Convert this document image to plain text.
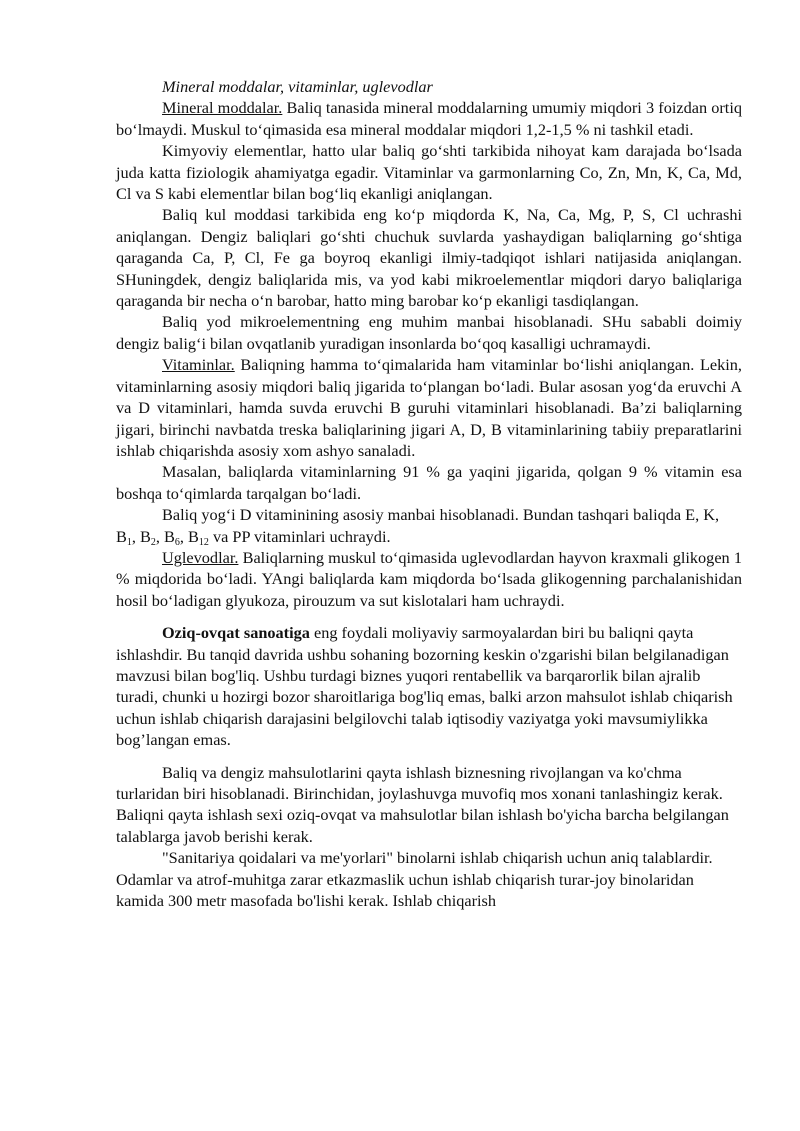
Mineral moddalar, vitaminlar, uglevodlar

Mineral moddalar. Baliq tanasida mineral moddalarning umumiy miqdori 3 foizdan ortiq bo‘lmaydi. Muskul to‘qimasida esa mineral moddalar miqdori 1,2-1,5 % ni tashkil etadi.

Kimyoviy elementlar, hatto ular baliq go‘shti tarkibida nihoyat kam darajada bo‘lsada juda katta fiziologik ahamiyatga egadir. Vitaminlar va garmonlarning Co, Zn, Mn, K, Ca, Md, Cl va S kabi elementlar bilan bog‘liq ekanligi aniqlangan.

Baliq kul moddasi tarkibida eng ko‘p miqdorda K, Na, Ca, Mg, P, S, Cl uchrashi aniqlangan. Dengiz baliqlari go‘shti chuchuk suvlarda yashaydigan baliqlarning go‘shtiga qaraganda Ca, P, Cl, Fe ga boyroq ekanligi ilmiy-tadqiqot ishlari natijasida aniqlangan. SHuningdek, dengiz baliqlarida mis, va yod kabi mikroelementlar miqdori daryo baliqlariga qaraganda bir necha o‘n barobar, hatto ming barobar ko‘p ekanligi tasdiqlangan.

Baliq yod mikroelementning eng muhim manbai hisoblanadi. SHu sababli doimiy dengiz balig‘i bilan ovqatlanib yuradigan insonlarda bo‘qoq kasalligi uchramaydi.

Vitaminlar. Baliqning hamma to‘qimalarida ham vitaminlar bo‘lishi aniqlangan. Lekin, vitaminlarning asosiy miqdori baliq jigarida to‘plangan bo‘ladi. Bular asosan yog‘da eruvchi A va D vitaminlari, hamda suvda eruvchi B guruhi vitaminlari hisoblanadi. Ba’zi baliqlarning jigari, birinchi navbatda treska baliqlarining jigari A, D, B vitaminlarining tabiiy preparatlarini ishlab chiqarishda asosiy xom ashyo sanaladi.

Masalan, baliqlarda vitaminlarning 91 % ga yaqini jigarida, qolgan 9 % vitamin esa boshqa to‘qimlarda tarqalgan bo‘ladi.

Baliq yog‘i D vitaminining asosiy manbai hisoblanadi. Bundan tashqari baliqda E, K, $B_1$, $B_2$, $B_6$, $B_{12}$ va PP vitaminlari uchraydi.

Uglevodlar. Baliqlarning muskul to‘qimasida uglevodlardan hayvon kraxmali glikogen 1 % miqdorida bo‘ladi. YAngi baliqlarda kam miqdorda bo‘lsada glikogenning parchalanishidan hosil bo‘ladigan glyukoza, pirouzum va sut kislotalari ham uchraydi.

Oziq-ovqat sanoatiga eng foydali moliyaviy sarmoyalardan biri bu baliqni qayta ishlashdir. Bu tanqid davrida ushbu sohaning bozorning keskin o'zgarishi bilan belgilanadigan mavzusi bilan bog'liq. Ushbu turdagi biznes yuqori rentabellik va barqarorlik bilan ajralib turadi, chunki u hozirgi bozor sharoitlariga bog'liq emas, balki arzon mahsulot ishlab chiqarish uchun ishlab chiqarish darajasini belgilovchi talab iqtisodiy vaziyatga yoki mavsumiylikka bog’langan emas.

Baliq va dengiz mahsulotlarini qayta ishlash biznesning rivojlangan va ko'chma turlaridan biri hisoblanadi. Birinchidan, joylashuvga muvofiq mos xonani tanlashingiz kerak. Baliqni qayta ishlash sexi oziq-ovqat va mahsulotlar bilan ishlash bo'yicha barcha belgilangan talablarga javob berishi kerak.

"Sanitariya qoidalari va me'yorlari" binolarni ishlab chiqarish uchun aniq talablardir. Odamlar va atrof-muhitga zarar etkazmaslik uchun ishlab chiqarish turar-joy binolaridan kamida 300 metr masofada bo'lishi kerak. Ishlab chiqarish
